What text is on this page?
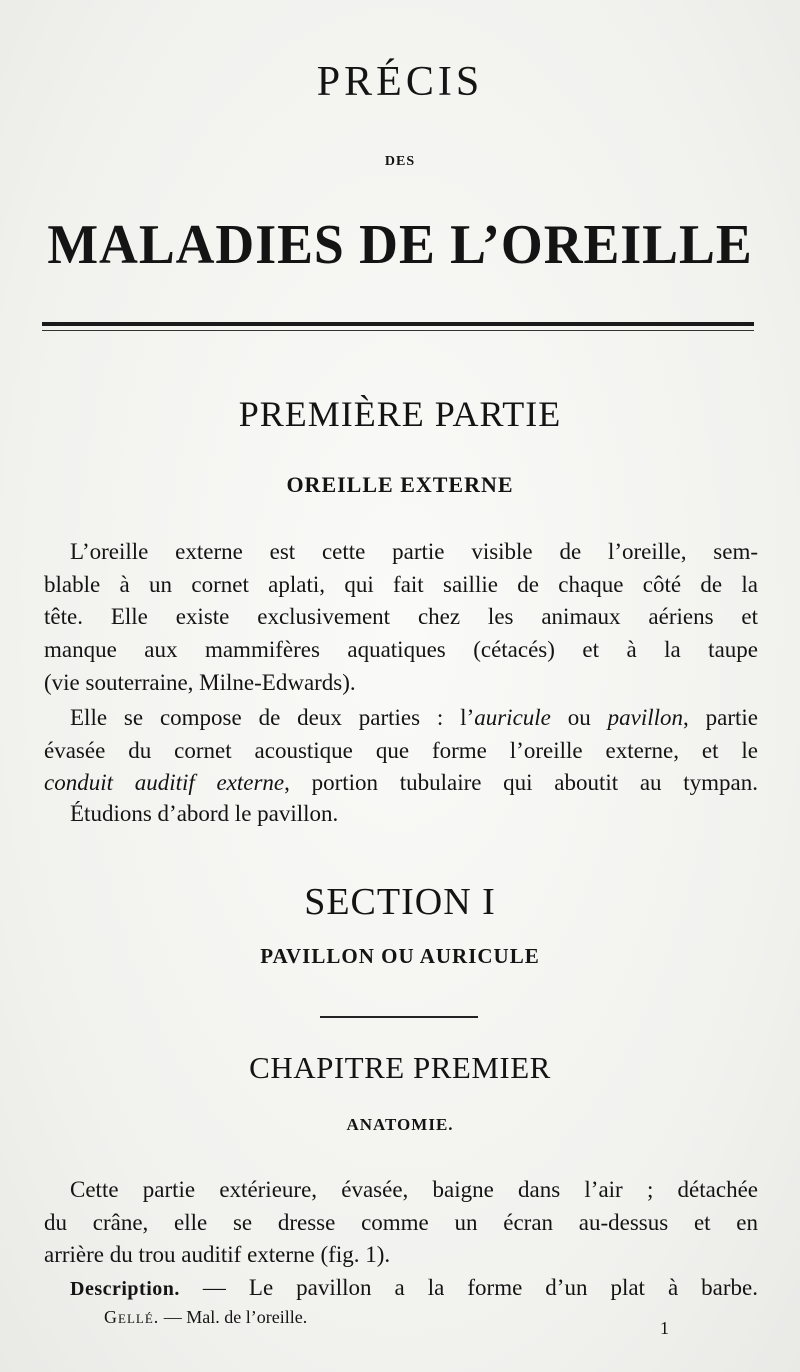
PRÉCIS
DES
MALADIES DE L’OREILLE
PREMIÈRE PARTIE
OREILLE EXTERNE
L’oreille externe est cette partie visible de l’oreille, sem-
blable à un cornet aplati, qui fait saillie de chaque côté de la
tête. Elle existe exclusivement chez les animaux aériens et
manque aux mammifères aquatiques (cétacés) et à la taupe
(vie souterraine, Milne-Edwards).
Elle se compose de deux parties : l’auricule ou pavillon, partie
évasée du cornet acoustique que forme l’oreille externe, et le
conduit auditif externe, portion tubulaire qui aboutit au tympan.
Étudions d’abord le pavillon.
SECTION I
PAVILLON OU AURICULE
CHAPITRE PREMIER
ANATOMIE.
Cette partie extérieure, évasée, baigne dans l’air ; détachée
du crâne, elle se dresse comme un écran au-dessus et en
arrière du trou auditif externe (fig. 1).
Description. — Le pavillon a la forme d’un plat à barbe.
Gellé. — Mal. de l’oreille.
1
